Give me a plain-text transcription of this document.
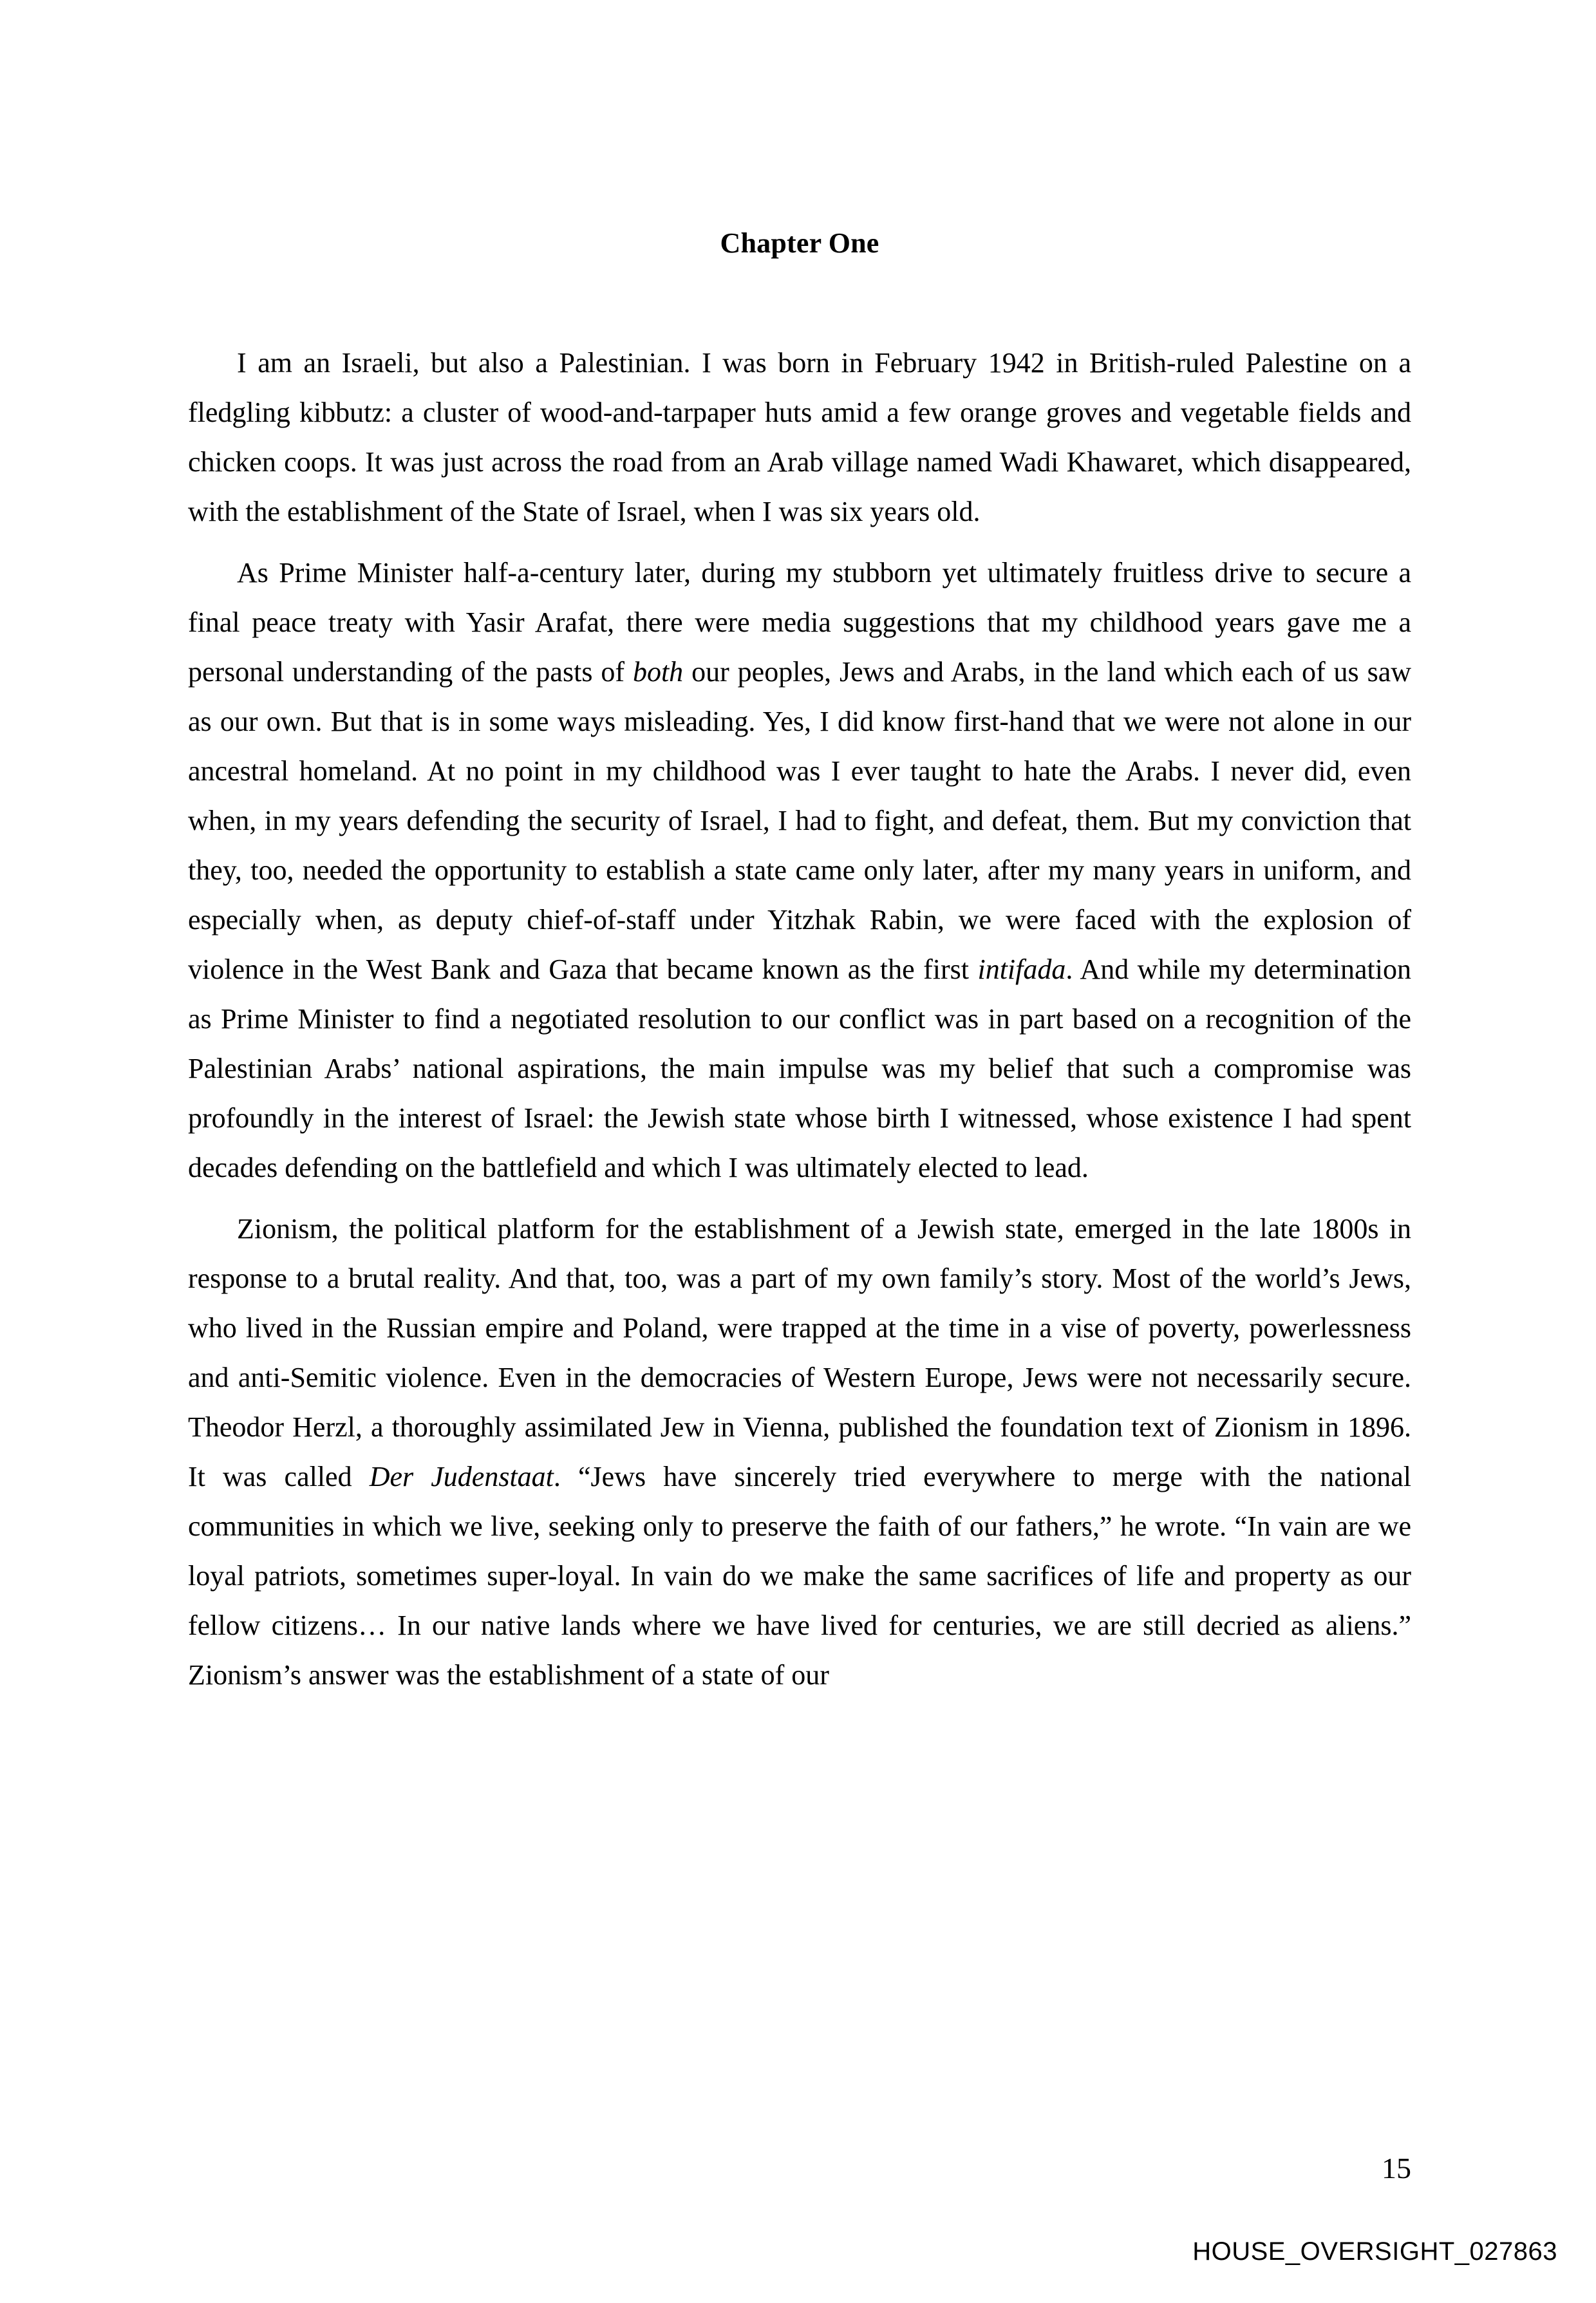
Chapter One

I am an Israeli, but also a Palestinian. I was born in February 1942 in British-ruled Palestine on a fledgling kibbutz: a cluster of wood-and-tarpaper huts amid a few orange groves and vegetable fields and chicken coops. It was just across the road from an Arab village named Wadi Khawaret, which disappeared, with the establishment of the State of Israel, when I was six years old.

As Prime Minister half-a-century later, during my stubborn yet ultimately fruitless drive to secure a final peace treaty with Yasir Arafat, there were media suggestions that my childhood years gave me a personal understanding of the pasts of both our peoples, Jews and Arabs, in the land which each of us saw as our own. But that is in some ways misleading. Yes, I did know first-hand that we were not alone in our ancestral homeland. At no point in my childhood was I ever taught to hate the Arabs. I never did, even when, in my years defending the security of Israel, I had to fight, and defeat, them. But my conviction that they, too, needed the opportunity to establish a state came only later, after my many years in uniform, and especially when, as deputy chief-of-staff under Yitzhak Rabin, we were faced with the explosion of violence in the West Bank and Gaza that became known as the first intifada. And while my determination as Prime Minister to find a negotiated resolution to our conflict was in part based on a recognition of the Palestinian Arabs’ national aspirations, the main impulse was my belief that such a compromise was profoundly in the interest of Israel: the Jewish state whose birth I witnessed, whose existence I had spent decades defending on the battlefield and which I was ultimately elected to lead.

Zionism, the political platform for the establishment of a Jewish state, emerged in the late 1800s in response to a brutal reality. And that, too, was a part of my own family’s story. Most of the world’s Jews, who lived in the Russian empire and Poland, were trapped at the time in a vise of poverty, powerlessness and anti-Semitic violence. Even in the democracies of Western Europe, Jews were not necessarily secure. Theodor Herzl, a thoroughly assimilated Jew in Vienna, published the foundation text of Zionism in 1896. It was called Der Judenstaat. “Jews have sincerely tried everywhere to merge with the national communities in which we live, seeking only to preserve the faith of our fathers,” he wrote. “In vain are we loyal patriots, sometimes super-loyal. In vain do we make the same sacrifices of life and property as our fellow citizens… In our native lands where we have lived for centuries, we are still decried as aliens.” Zionism’s answer was the establishment of a state of our

15
HOUSE_OVERSIGHT_027863
